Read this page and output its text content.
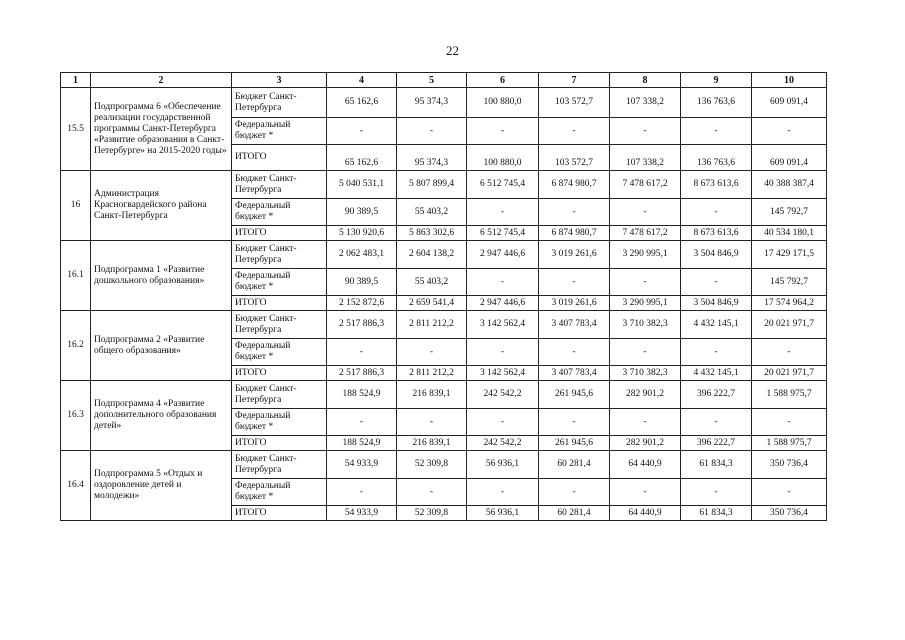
22
1	2	3	4	5	6	7	8	9	10
15.5	Подпрограмма 6 «Обеспечение реализации государственной программы Санкт-Петербурга «Развитие образования в Санкт-Петербурге» на 2015-2020 годы»	Бюджет Санкт-Петербурга	65 162,6	95 374,3	100 880,0	103 572,7	107 338,2	136 763,6	609 091,4
		Федеральный бюджет *	-	-	-	-	-	-	-
		ИТОГО	65 162,6	95 374,3	100 880,0	103 572,7	107 338,2	136 763,6	609 091,4
16	Администрация Красногвардейского района Санкт-Петербурга	Бюджет Санкт-Петербурга	5 040 531,1	5 807 899,4	6 512 745,4	6 874 980,7	7 478 617,2	8 673 613,6	40 388 387,4
		Федеральный бюджет *	90 389,5	55 403,2	-	-	-	-	145 792,7
		ИТОГО	5 130 920,6	5 863 302,6	6 512 745,4	6 874 980,7	7 478 617,2	8 673 613,6	40 534 180,1
16.1	Подпрограмма 1 «Развитие дошкольного образования»	Бюджет Санкт-Петербурга	2 062 483,1	2 604 138,2	2 947 446,6	3 019 261,6	3 290 995,1	3 504 846,9	17 429 171,5
		Федеральный бюджет *	90 389,5	55 403,2	-	-	-	-	145 792,7
		ИТОГО	2 152 872,6	2 659 541,4	2 947 446,6	3 019 261,6	3 290 995,1	3 504 846,9	17 574 964,2
16.2	Подпрограмма 2 «Развитие общего образования»	Бюджет Санкт-Петербурга	2 517 886,3	2 811 212,2	3 142 562,4	3 407 783,4	3 710 382,3	4 432 145,1	20 021 971,7
		Федеральный бюджет *	-	-	-	-	-	-	-
		ИТОГО	2 517 886,3	2 811 212,2	3 142 562,4	3 407 783,4	3 710 382,3	4 432 145,1	20 021 971,7
16.3	Подпрограмма 4 «Развитие дополнительного образования детей»	Бюджет Санкт-Петербурга	188 524,9	216 839,1	242 542,2	261 945,6	282 901,2	396 222,7	1 588 975,7
		Федеральный бюджет *	-	-	-	-	-	-	-
		ИТОГО	188 524,9	216 839,1	242 542,2	261 945,6	282 901,2	396 222,7	1 588 975,7
16.4	Подпрограмма 5 «Отдых и оздоровление детей и молодежи»	Бюджет Санкт-Петербурга	54 933,9	52 309,8	56 936,1	60 281,4	64 440,9	61 834,3	350 736,4
		Федеральный бюджет *	-	-	-	-	-	-	-
		ИТОГО	54 933,9	52 309,8	56 936,1	60 281,4	64 440,9	61 834,3	350 736,4
